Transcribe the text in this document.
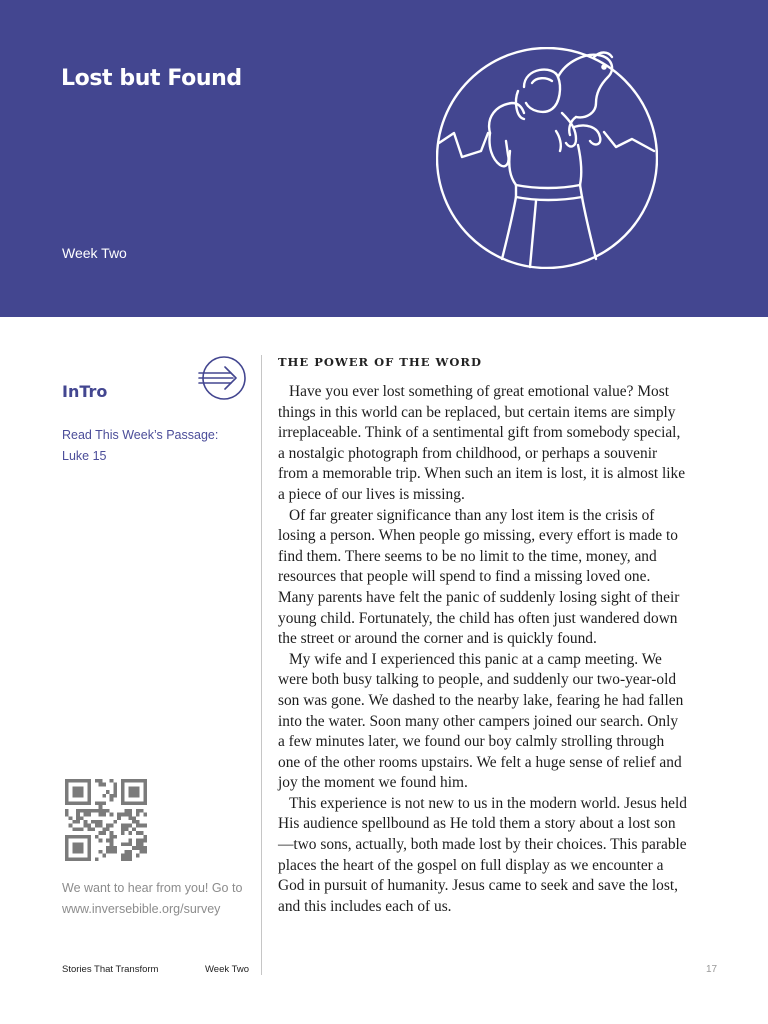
Lost but Found
Week Two
InTro
Read This Week’s Passage:
Luke 15
We want to hear from you! Go to
www.inversebible.org/survey
Stories That Transform	Week Two
THE POWER OF THE WORD

Have you ever lost something of great emotional value? Most things in this world can be replaced, but certain items are simply irreplaceable. Think of a sentimental gift from somebody special, a nostalgic photograph from childhood, or perhaps a souvenir from a memorable trip. When such an item is lost, it is almost like a piece of our lives is missing.

Of far greater significance than any lost item is the crisis of losing a person. When people go missing, every effort is made to find them. There seems to be no limit to the time, money, and resources that people will spend to find a missing loved one. Many parents have felt the panic of suddenly losing sight of their young child. Fortunately, the child has often just wandered down the street or around the corner and is quickly found.

My wife and I experienced this panic at a camp meeting. We were both busy talking to people, and suddenly our two-year-old son was gone. We dashed to the nearby lake, fearing he had fallen into the water. Soon many other campers joined our search. Only a few minutes later, we found our boy calmly strolling through one of the other rooms upstairs. We felt a huge sense of relief and joy the moment we found him.

This experience is not new to us in the modern world. Jesus held His audience spellbound as He told them a story about a lost son—two sons, actually, both made lost by their choices. This parable places the heart of the gospel on full display as we encounter a God in pursuit of humanity. Jesus came to seek and save the lost, and this includes each of us.

17
